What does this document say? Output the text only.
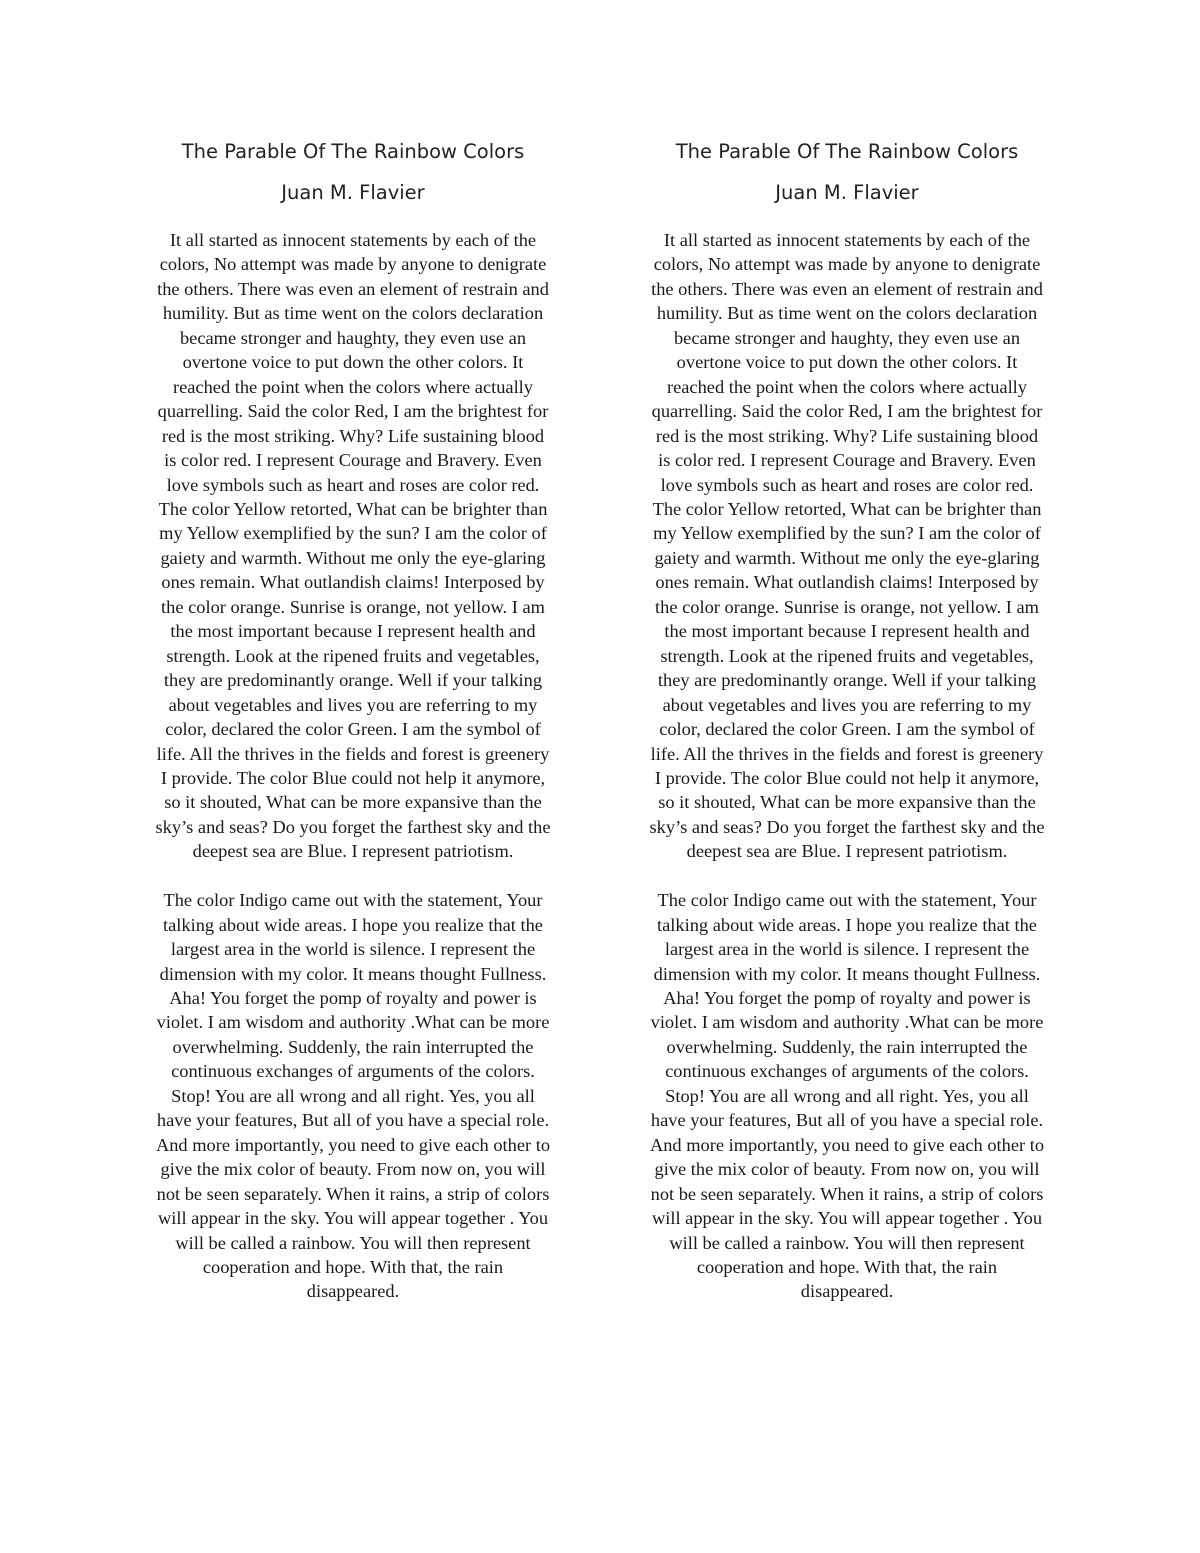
The Parable Of The Rainbow Colors
Juan M. Flavier

It all started as innocent statements by each of the
colors, No attempt was made by anyone to denigrate
the others. There was even an element of restrain and
humility. But as time went on the colors declaration
became stronger and haughty, they even use an
overtone voice to put down the other colors. It
reached the point when the colors where actually
quarrelling. Said the color Red, I am the brightest for
red is the most striking. Why? Life sustaining blood
is color red. I represent Courage and Bravery. Even
love symbols such as heart and roses are color red.
The color Yellow retorted, What can be brighter than
my Yellow exemplified by the sun? I am the color of
gaiety and warmth. Without me only the eye-glaring
ones remain. What outlandish claims! Interposed by
the color orange. Sunrise is orange, not yellow. I am
the most important because I represent health and
strength. Look at the ripened fruits and vegetables,
they are predominantly orange. Well if your talking
about vegetables and lives you are referring to my
color, declared the color Green. I am the symbol of
life. All the thrives in the fields and forest is greenery
I provide. The color Blue could not help it anymore,
so it shouted, What can be more expansive than the
sky’s and seas? Do you forget the farthest sky and the
deepest sea are Blue. I represent patriotism.

The color Indigo came out with the statement, Your
talking about wide areas. I hope you realize that the
largest area in the world is silence. I represent the
dimension with my color. It means thought Fullness.
Aha! You forget the pomp of royalty and power is
violet. I am wisdom and authority .What can be more
overwhelming. Suddenly, the rain interrupted the
continuous exchanges of arguments of the colors.
Stop! You are all wrong and all right. Yes, you all
have your features, But all of you have a special role.
And more importantly, you need to give each other to
give the mix color of beauty. From now on, you will
not be seen separately. When it rains, a strip of colors
will appear in the sky. You will appear together . You
will be called a rainbow. You will then represent
cooperation and hope. With that, the rain
disappeared.

The Parable Of The Rainbow Colors
Juan M. Flavier

It all started as innocent statements by each of the
colors, No attempt was made by anyone to denigrate
the others. There was even an element of restrain and
humility. But as time went on the colors declaration
became stronger and haughty, they even use an
overtone voice to put down the other colors. It
reached the point when the colors where actually
quarrelling. Said the color Red, I am the brightest for
red is the most striking. Why? Life sustaining blood
is color red. I represent Courage and Bravery. Even
love symbols such as heart and roses are color red.
The color Yellow retorted, What can be brighter than
my Yellow exemplified by the sun? I am the color of
gaiety and warmth. Without me only the eye-glaring
ones remain. What outlandish claims! Interposed by
the color orange. Sunrise is orange, not yellow. I am
the most important because I represent health and
strength. Look at the ripened fruits and vegetables,
they are predominantly orange. Well if your talking
about vegetables and lives you are referring to my
color, declared the color Green. I am the symbol of
life. All the thrives in the fields and forest is greenery
I provide. The color Blue could not help it anymore,
so it shouted, What can be more expansive than the
sky’s and seas? Do you forget the farthest sky and the
deepest sea are Blue. I represent patriotism.

The color Indigo came out with the statement, Your
talking about wide areas. I hope you realize that the
largest area in the world is silence. I represent the
dimension with my color. It means thought Fullness.
Aha! You forget the pomp of royalty and power is
violet. I am wisdom and authority .What can be more
overwhelming. Suddenly, the rain interrupted the
continuous exchanges of arguments of the colors.
Stop! You are all wrong and all right. Yes, you all
have your features, But all of you have a special role.
And more importantly, you need to give each other to
give the mix color of beauty. From now on, you will
not be seen separately. When it rains, a strip of colors
will appear in the sky. You will appear together . You
will be called a rainbow. You will then represent
cooperation and hope. With that, the rain
disappeared.
